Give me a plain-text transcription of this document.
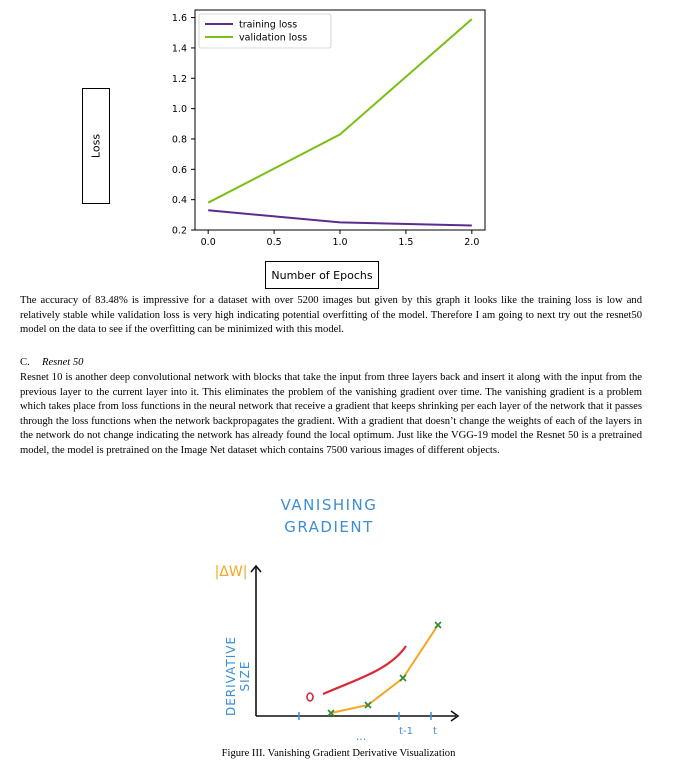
0.2
0.4
0.6
0.8
1.0
1.2
1.4
1.6
0.0	0.5	1.0	1.5	2.0
training loss
validation loss
Loss
Number of Epochs
The accuracy of 83.48% is impressive for a dataset with over 5200 images but given by this graph it looks like the training loss is low and relatively stable while validation loss is very high indicating potential overfitting of the model. Therefore I am going to next try out the resnet50 model on the data to see if the overfitting can be minimized with this model.
C. Resnet 50
Resnet 10 is another deep convolutional network with blocks that take the input from three layers back and insert it along with the input from the previous layer to the current layer into it. This eliminates the problem of the vanishing gradient over time. The vanishing gradient is a problem which takes place from loss functions in the neural network that receive a gradient that keeps shrinking per each layer of the network that it passes through the loss functions when the network backpropagates the gradient. With a gradient that doesn’t change the weights of each of the layers in the network do not change indicating the network has already found the local optimum. Just like the VGG-19 model the Resnet 50 is a pretrained model, the model is pretrained on the Image Net dataset which contains 7500 various images of different objects.
VANISHING
GRADIENT
|ΔW|
DERIVATIVE SIZE
...	t-1 t
Figure III. Vanishing Gradient Derivative Visualization
